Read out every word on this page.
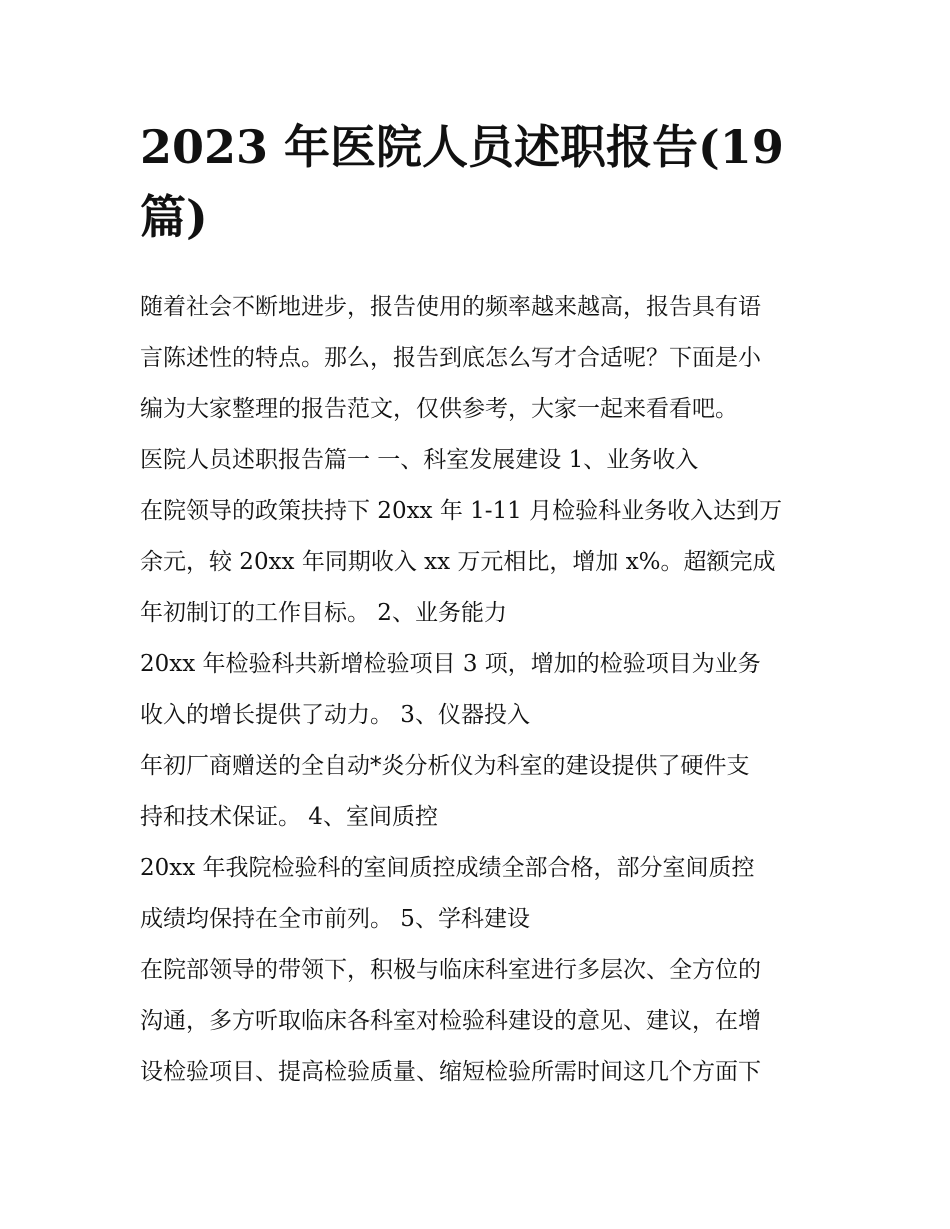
2023 年医院人员述职报告(19
篇)
随着社会不断地进步，报告使用的频率越来越高，报告具有语
言陈述性的特点。那么，报告到底怎么写才合适呢？下面是小
编为大家整理的报告范文，仅供参考，大家一起来看看吧。
医院人员述职报告篇一 一、科室发展建设 1、业务收入
在院领导的政策扶持下 20xx 年 1-11 月检验科业务收入达到万
余元，较 20xx 年同期收入 xx 万元相比，增加 x%。超额完成
年初制订的工作目标。 2、业务能力
20xx 年检验科共新增检验项目 3 项，增加的检验项目为业务
收入的增长提供了动力。 3、仪器投入
年初厂商赠送的全自动*炎分析仪为科室的建设提供了硬件支
持和技术保证。 4、室间质控
20xx 年我院检验科的室间质控成绩全部合格，部分室间质控
成绩均保持在全市前列。 5、学科建设
在院部领导的带领下，积极与临床科室进行多层次、全方位的
沟通，多方听取临床各科室对检验科建设的意见、建议，在增
设检验项目、提高检验质量、缩短检验所需时间这几个方面下
